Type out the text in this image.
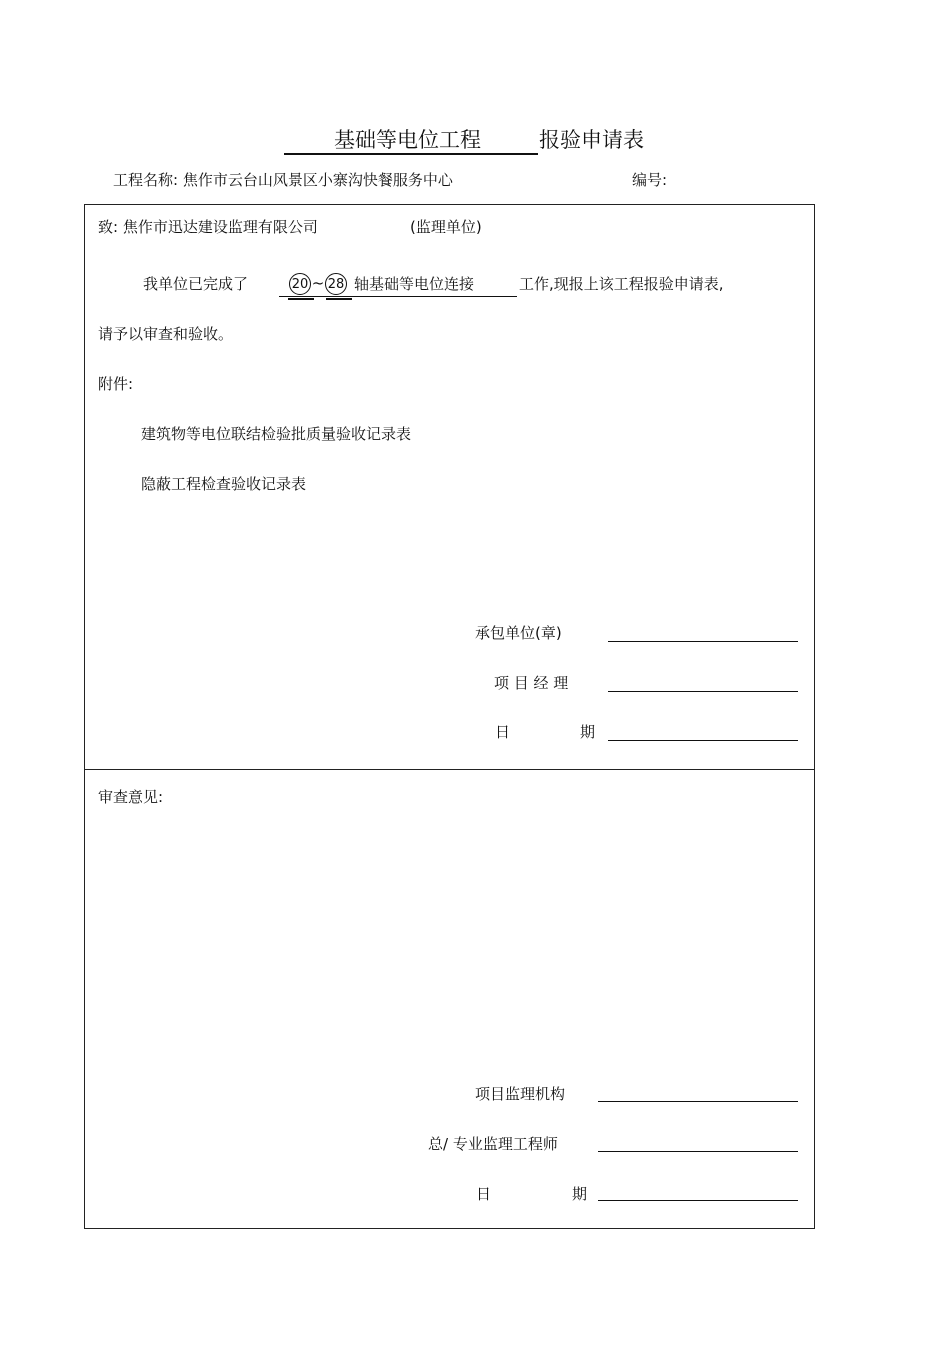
基础等电位工程	报验申请表
工程名称: 焦作市云台山风景区小寨沟快餐服务中心	编号:
致: 焦作市迅达建设监理有限公司	(监理单位)
我单位已完成了	20 ~ 28 轴基础等电位连接	工作,现报上该工程报验申请表,
请予以审查和验收。
附件:
建筑物等电位联结检验批质量验收记录表
隐蔽工程检查验收记录表
承包单位(章)
项 目 经 理
日	期
审查意见:
项目监理机构
总/ 专业监理工程师
日	期
